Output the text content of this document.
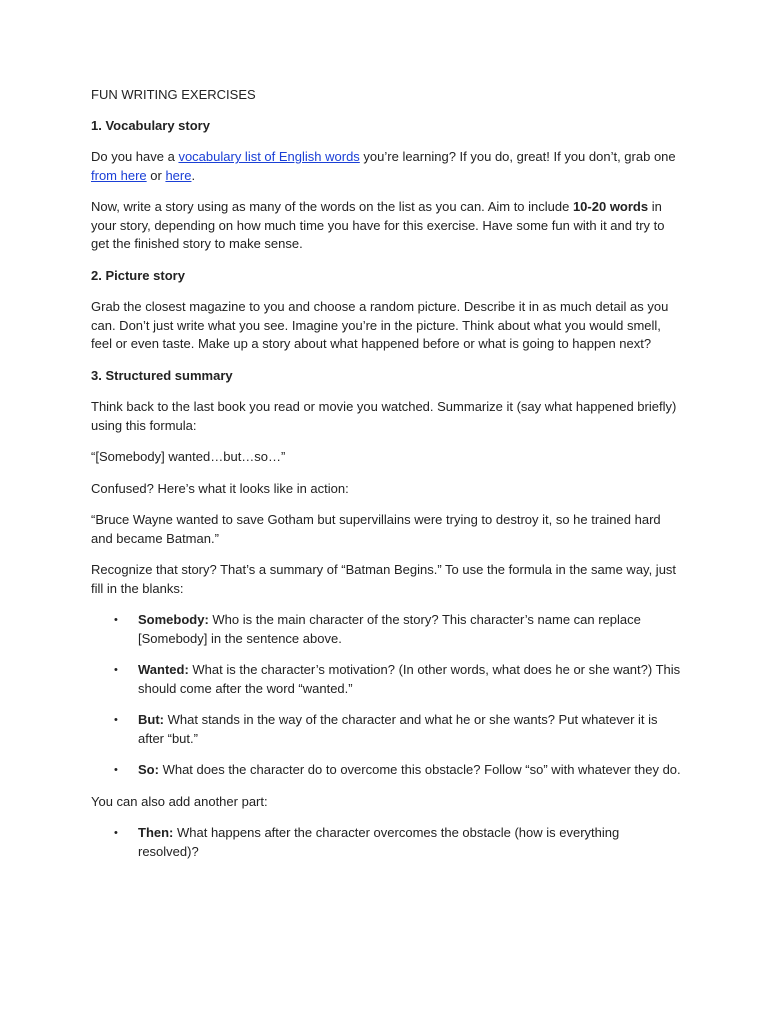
FUN WRITING EXERCISES

1. Vocabulary story

Do you have a vocabulary list of English words you’re learning? If you do, great! If you don’t, grab one from here or here.

Now, write a story using as many of the words on the list as you can. Aim to include 10-20 words in your story, depending on how much time you have for this exercise. Have some fun with it and try to get the finished story to make sense.

2. Picture story

Grab the closest magazine to you and choose a random picture. Describe it in as much detail as you can. Don’t just write what you see. Imagine you’re in the picture. Think about what you would smell, feel or even taste. Make up a story about what happened before or what is going to happen next?

3. Structured summary

Think back to the last book you read or movie you watched. Summarize it (say what happened briefly) using this formula:

“[Somebody] wanted…but…so…”

Confused? Here’s what it looks like in action:

“Bruce Wayne wanted to save Gotham but supervillains were trying to destroy it, so he trained hard and became Batman.”

Recognize that story? That’s a summary of “Batman Begins.” To use the formula in the same way, just fill in the blanks:

• Somebody: Who is the main character of the story? This character’s name can replace [Somebody] in the sentence above.
• Wanted: What is the character’s motivation? (In other words, what does he or she want?) This should come after the word “wanted.”
• But: What stands in the way of the character and what he or she wants? Put whatever it is after “but.”
• So: What does the character do to overcome this obstacle? Follow “so” with whatever they do.

You can also add another part:

• Then: What happens after the character overcomes the obstacle (how is everything resolved)?
